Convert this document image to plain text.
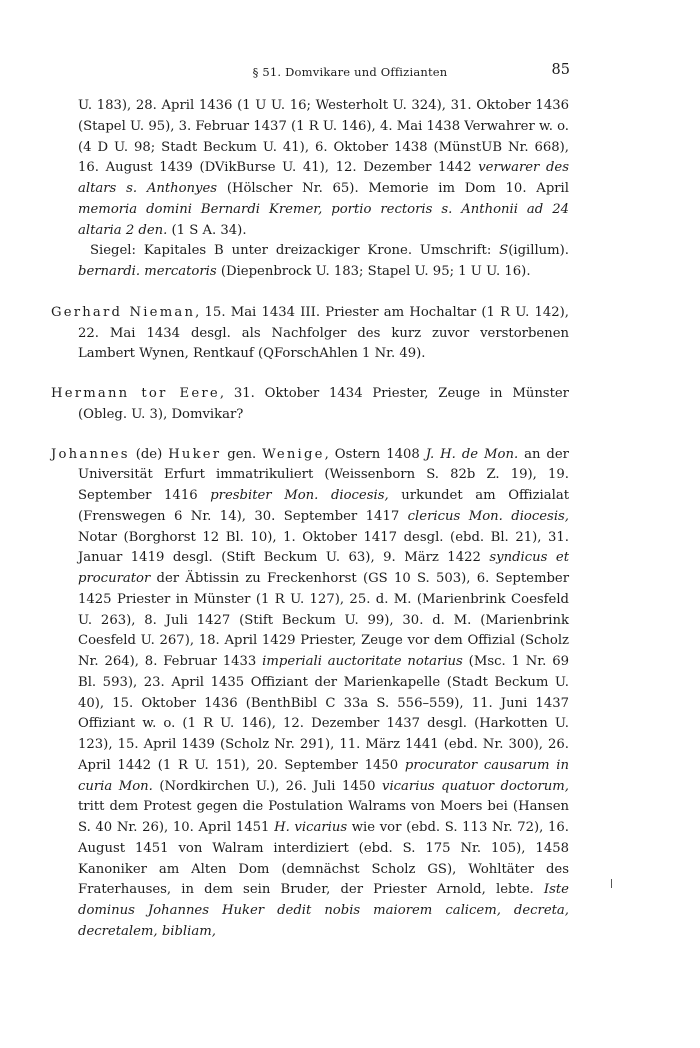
§ 51. Domvikare und Offizianten	85

U. 183), 28. April 1436 (1 U U. 16; Westerholt U. 324), 31. Oktober 1436 (Stapel U. 95), 3. Februar 1437 (1 R U. 146), 4. Mai 1438 Verwahrer w. o. (4 D U. 98; Stadt Beckum U. 41), 6. Oktober 1438 (MünstUB Nr. 668), 16. August 1439 (DVikBurse U. 41), 12. Dezember 1442 verwarer des altars s. Anthonyes (Hölscher Nr. 65). Memorie im Dom 10. April memoria domini Bernardi Kremer, portio rectoris s. Anthonii ad 24 altaria 2 den. (1 S A. 34).

Siegel: Kapitales B unter dreizackiger Krone. Umschrift: S(igillum). bernardi. mercatoris (Diepenbrock U. 183; Stapel U. 95; 1 U U. 16).

Gerhard Nieman, 15. Mai 1434 III. Priester am Hochaltar (1 R U. 142), 22. Mai 1434 desgl. als Nachfolger des kurz zuvor verstorbenen Lambert Wynen, Rentkauf (QForschAhlen 1 Nr. 49).

Hermann tor Eere, 31. Oktober 1434 Priester, Zeuge in Münster (Obleg. U. 3), Domvikar?

Johannes (de) Huker gen. Wenige, Ostern 1408 J. H. de Mon. an der Universität Erfurt immatrikuliert (Weissenborn S. 82b Z. 19), 19. September 1416 presbiter Mon. diocesis, urkundet am Offizialat (Frenswegen 6 Nr. 14), 30. September 1417 clericus Mon. diocesis, Notar (Borghorst 12 Bl. 10), 1. Oktober 1417 desgl. (ebd. Bl. 21), 31. Januar 1419 desgl. (Stift Beckum U. 63), 9. März 1422 syndicus et procurator der Äbtissin zu Freckenhorst (GS 10 S. 503), 6. September 1425 Priester in Münster (1 R U. 127), 25. d. M. (Marienbrink Coesfeld U. 263), 8. Juli 1427 (Stift Beckum U. 99), 30. d. M. (Marienbrink Coesfeld U. 267), 18. April 1429 Priester, Zeuge vor dem Offizial (Scholz Nr. 264), 8. Februar 1433 imperiali auctoritate notarius (Msc. 1 Nr. 69 Bl. 593), 23. April 1435 Offiziant der Marienkapelle (Stadt Beckum U. 40), 15. Oktober 1436 (BenthBibl C 33a S. 556–559), 11. Juni 1437 Offiziant w. o. (1 R U. 146), 12. Dezember 1437 desgl. (Harkotten U. 123), 15. April 1439 (Scholz Nr. 291), 11. März 1441 (ebd. Nr. 300), 26. April 1442 (1 R U. 151), 20. September 1450 procurator causarum in curia Mon. (Nordkirchen U.), 26. Juli 1450 vicarius quatuor doctorum, tritt dem Protest gegen die Postulation Walrams von Moers bei (Hansen S. 40 Nr. 26), 10. April 1451 H. vicarius wie vor (ebd. S. 113 Nr. 72), 16. August 1451 von Walram interdiziert (ebd. S. 175 Nr. 105), 1458 Kanoniker am Alten Dom (demnächst Scholz GS), Wohltäter des Fraterhauses, in dem sein Bruder, der Priester Arnold, lebte. Iste dominus Johannes Huker dedit nobis maiorem calicem, decreta, decretalem, bibliam,
